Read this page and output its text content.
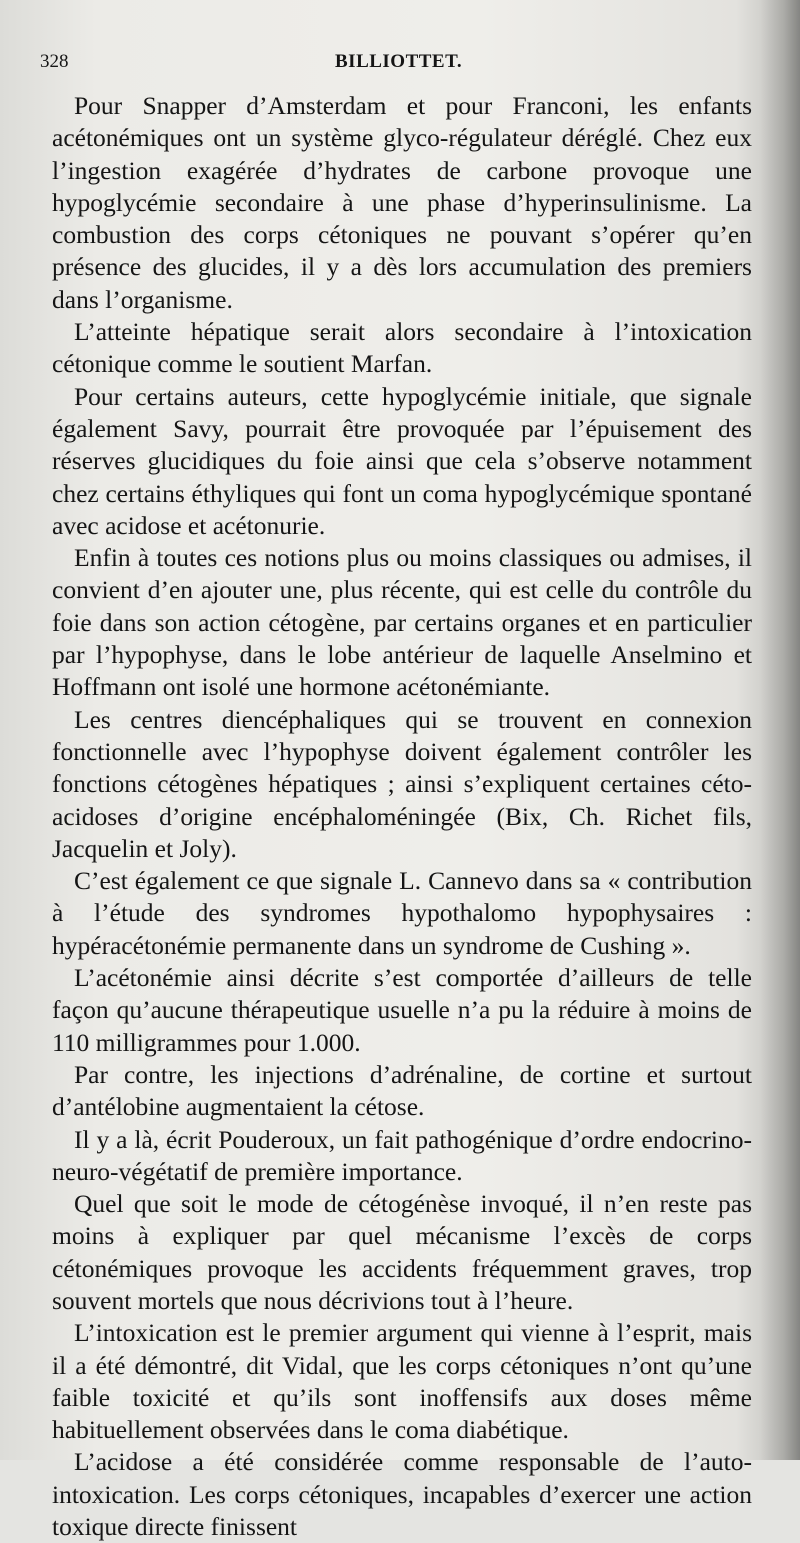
328	BILLIOTTET.

Pour Snapper d’Amsterdam et pour Franconi, les enfants acétonémiques ont un système glyco-régulateur déréglé. Chez eux l’ingestion exagérée d’hydrates de carbone provoque une hypoglycémie secondaire à une phase d’hyperinsulinisme. La combustion des corps cétoniques ne pouvant s’opérer qu’en présence des glucides, il y a dès lors accumulation des premiers dans l’organisme.

L’atteinte hépatique serait alors secondaire à l’intoxication cétonique comme le soutient Marfan.

Pour certains auteurs, cette hypoglycémie initiale, que signale également Savy, pourrait être provoquée par l’épuisement des réserves glucidiques du foie ainsi que cela s’observe notamment chez certains éthyliques qui font un coma hypoglycémique spontané avec acidose et acétonurie.

Enfin à toutes ces notions plus ou moins classiques ou admises, il convient d’en ajouter une, plus récente, qui est celle du contrôle du foie dans son action cétogène, par certains organes et en particulier par l’hypophyse, dans le lobe antérieur de laquelle Anselmino et Hoffmann ont isolé une hormone acétonémiante.

Les centres diencéphaliques qui se trouvent en connexion fonctionnelle avec l’hypophyse doivent également contrôler les fonctions cétogènes hépatiques ; ainsi s’expliquent certaines céto-acidoses d’origine encéphaloméningée (Bix, Ch. Richet fils, Jacquelin et Joly).

C’est également ce que signale L. Cannevo dans sa « contribution à l’étude des syndromes hypothalomo hypophysaires : hypéracétonémie permanente dans un syndrome de Cushing ».

L’acétonémie ainsi décrite s’est comportée d’ailleurs de telle façon qu’aucune thérapeutique usuelle n’a pu la réduire à moins de 110 milligrammes pour 1.000.

Par contre, les injections d’adrénaline, de cortine et surtout d’antélobine augmentaient la cétose.

Il y a là, écrit Pouderoux, un fait pathogénique d’ordre endocrinoneuro-végétatif de première importance.

Quel que soit le mode de cétogénèse invoqué, il n’en reste pas moins à expliquer par quel mécanisme l’excès de corps cétonémiques provoque les accidents fréquemment graves, trop souvent mortels que nous décrivions tout à l’heure.

L’intoxication est le premier argument qui vienne à l’esprit, mais il a été démontré, dit Vidal, que les corps cétoniques n’ont qu’une faible toxicité et qu’ils sont inoffensifs aux doses même habituellement observées dans le coma diabétique.

L’acidose a été considérée comme responsable de l’auto-intoxication. Les corps cétoniques, incapables d’exercer une action toxique directe finissent
